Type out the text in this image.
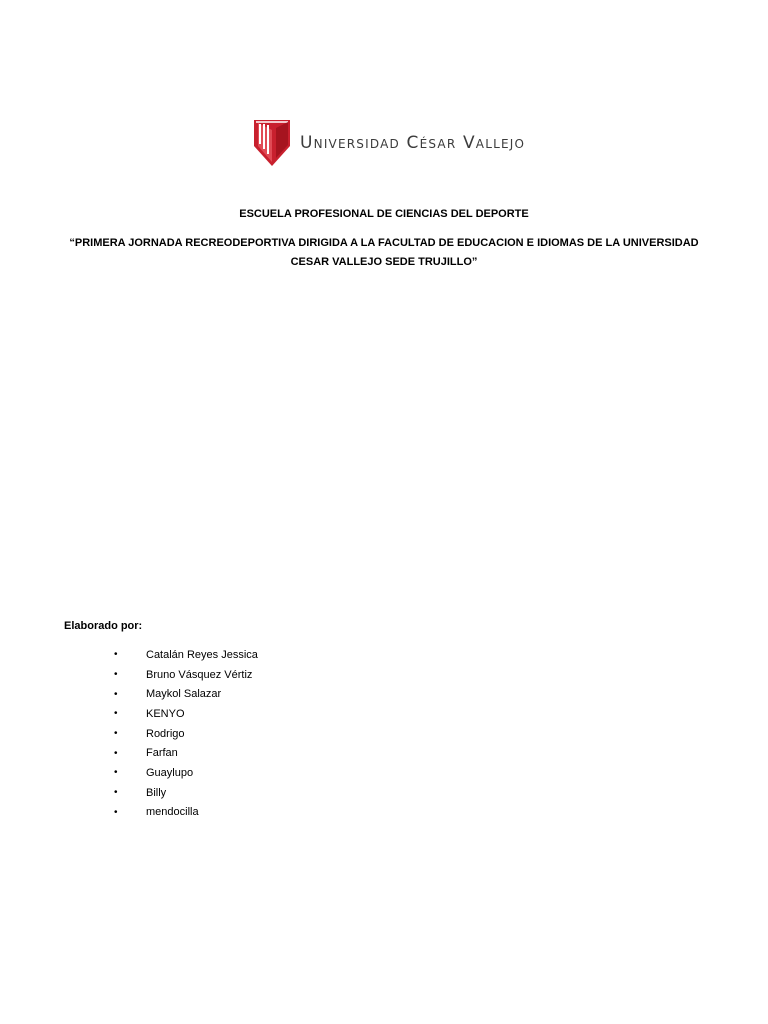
Universidad César Vallejo
ESCUELA PROFESIONAL DE CIENCIAS DEL DEPORTE
“PRIMERA JORNADA RECREODEPORTIVA DIRIGIDA A LA FACULTAD DE EDUCACION E IDIOMAS DE LA UNIVERSIDAD
CESAR VALLEJO SEDE TRUJILLO”
Elaborado por:
•	Catalán Reyes Jessica
•	Bruno Vásquez Vértiz
•	Maykol Salazar
•	KENYO
•	Rodrigo
•	Farfan
•	Guaylupo
•	Billy
•	mendocilla
